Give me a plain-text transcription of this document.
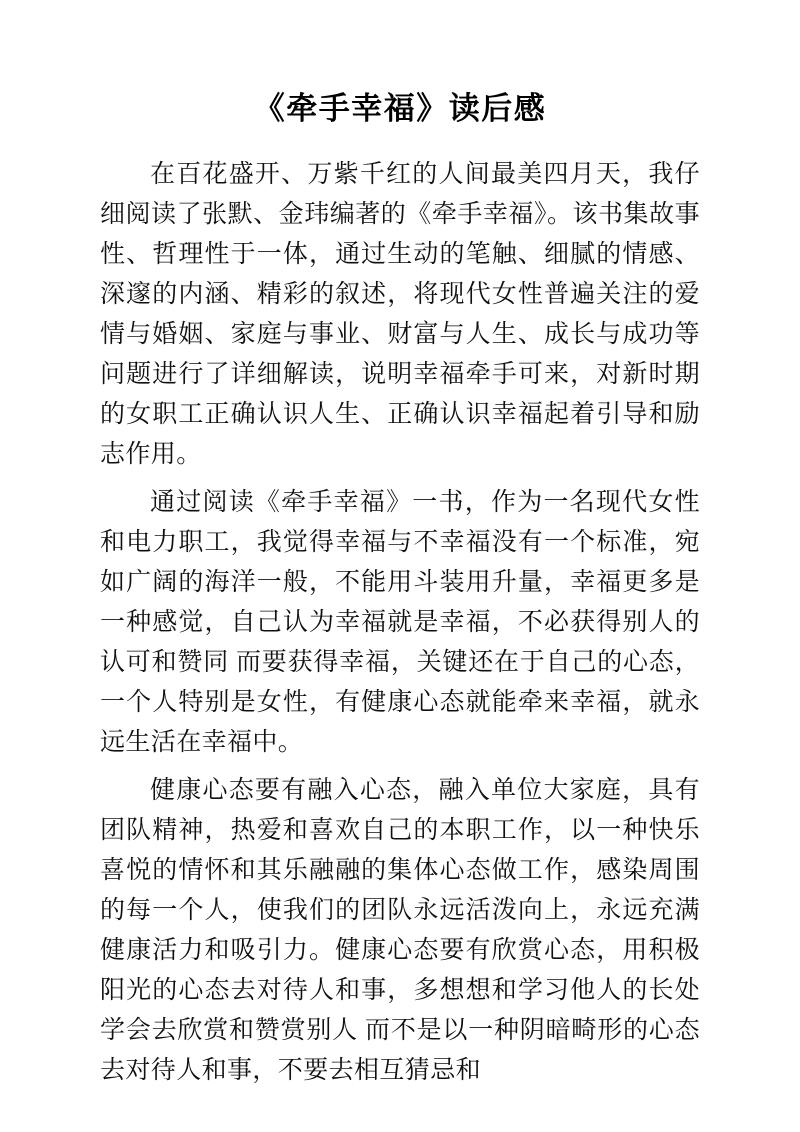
《牵手幸福》读后感

在百花盛开、万紫千红的人间最美四月天，我仔细阅读了张默、金玮编著的《牵手幸福》。该书集故事性、哲理性于一体，通过生动的笔触、细腻的情感、深邃的内涵、精彩的叙述，将现代女性普遍关注的爱情与婚姻、家庭与事业、财富与人生、成长与成功等问题进行了详细解读，说明幸福牵手可来，对新时期的女职工正确认识人生、正确认识幸福起着引导和励志作用。

通过阅读《牵手幸福》一书，作为一名现代女性和电力职工，我觉得幸福与不幸福没有一个标准，宛如广阔的海洋一般，不能用斗装用升量，幸福更多是一种感觉，自己认为幸福就是幸福，不必获得别人的认可和赞同 而要获得幸福，关键还在于自己的心态，一个人特别是女性，有健康心态就能牵来幸福，就永远生活在幸福中。

健康心态要有融入心态，融入单位大家庭，具有团队精神，热爱和喜欢自己的本职工作，以一种快乐喜悦的情怀和其乐融融的集体心态做工作，感染周围的每一个人，使我们的团队永远活泼向上，永远充满健康活力和吸引力。健康心态要有欣赏心态，用积极阳光的心态去对待人和事，多想想和学习他人的长处 学会去欣赏和赞赏别人 而不是以一种阴暗畸形的心态去对待人和事，不要去相互猜忌和
